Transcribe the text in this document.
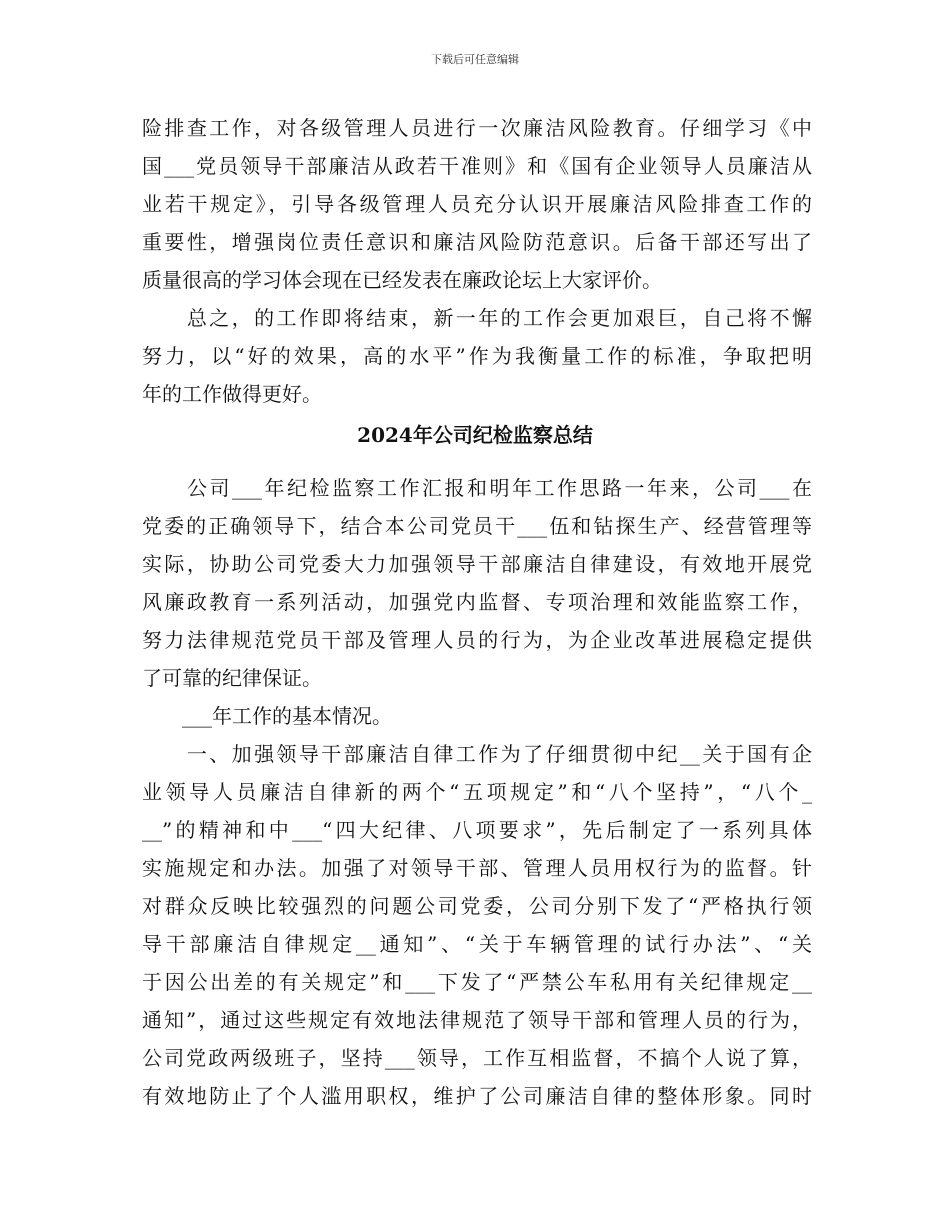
下载后可任意编辑
险排查工作，对各级管理人员进行一次廉洁风险教育。仔细学习《中
国___党员领导干部廉洁从政若干准则》和《国有企业领导人员廉洁从
业若干规定》，引导各级管理人员充分认识开展廉洁风险排查工作的
重要性，增强岗位责任意识和廉洁风险防范意识。后备干部还写出了
质量很高的学习体会现在已经发表在廉政论坛上大家评价。
　　总之，的工作即将结束，新一年的工作会更加艰巨，自己将不懈
努力，以“好的效果，高的水平”作为我衡量工作的标准，争取把明
年的工作做得更好。
2024年公司纪检监察总结
　　公司___年纪检监察工作汇报和明年工作思路一年来，公司___在
党委的正确领导下，结合本公司党员干___伍和钻探生产、经营管理等
实际，协助公司党委大力加强领导干部廉洁自律建设，有效地开展党
风廉政教育一系列活动，加强党内监督、专项治理和效能监察工作，
努力法律规范党员干部及管理人员的行为，为企业改革进展稳定提供
了可靠的纪律保证。
　　___年工作的基本情况。
　　一、加强领导干部廉洁自律工作为了仔细贯彻中纪__关于国有企
业领导人员廉洁自律新的两个“五项规定”和“八个坚持”，“八个_
__”的精神和中___“四大纪律、八项要求”，先后制定了一系列具体
实施规定和办法。加强了对领导干部、管理人员用权行为的监督。针
对群众反映比较强烈的问题公司党委，公司分别下发了“严格执行领
导干部廉洁自律规定__通知”、“关于车辆管理的试行办法”、“关
于因公出差的有关规定”和___下发了“严禁公车私用有关纪律规定__
通知”，通过这些规定有效地法律规范了领导干部和管理人员的行为，
公司党政两级班子，坚持___领导，工作互相监督，不搞个人说了算，
有效地防止了个人滥用职权，维护了公司廉洁自律的整体形象。同时
